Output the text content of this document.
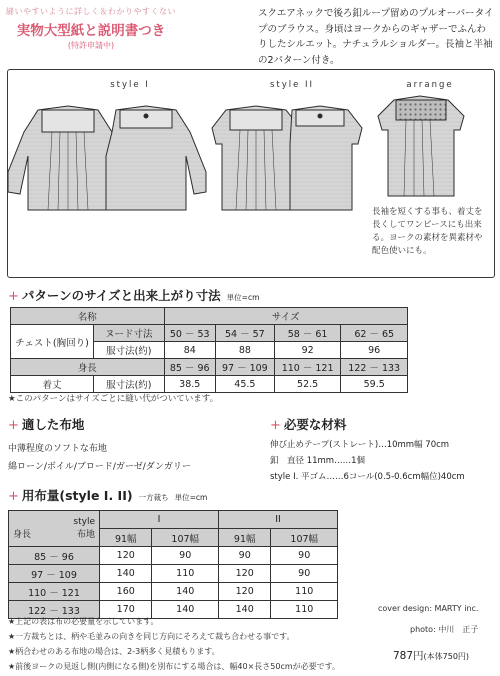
縫いやすいように詳しく＆わかりやすくない
実物大型紙と説明書つき
(特許申請中)
スクエアネックで後ろ釦ループ留めのプルオーバータイプのブラウス。身頃はヨークからのギャザーでふんわりしたシルエット。ナチュラルショルダー。長袖と半袖の2パターン付き。
style I	style II	arrange
長袖を短くする事も、着丈を長くしてワンピースにも出来る。ヨークの素材を異素材や配色使いにも。
+ パターンのサイズと出来上がり寸法 単位=cm
名称		サイズ			
チェスト(胸回り)	ヌード寸法	50 － 53	54 － 57	58 － 61	62 － 65
	服寸法(約)	84	88	92	96
身長		85 － 96	97 － 109	110 － 121	122 － 133
着丈	服寸法(約)	38.5	45.5	52.5	59.5
★このパターンはサイズごとに縫い代がついています。
+ 適した布地
中薄程度のソフトな布地
綿ローン/ボイル/ブロード/ガーゼ/ダンガリー
+ 必要な材料
伸び止めテープ(ストレート)…10mm幅 70cm
釦　直径 11mm……1個
style I. 平ゴム……6コール(0.5-0.6cm幅位)40cm
+ 用布量(style I. II) 一方裁ち 単位=cm
style
身長 布地	I		II	
	91幅	107幅	91幅	107幅
85 － 96	120	90	90	90
97 － 109	140	110	120	90
110 － 121	160	140	120	110
122 － 133	170	140	140	110	cover design: MARTY inc.
photo: 中川　正子
★上記の表は布の必要量を示しています。
★一方裁ちとは、柄や毛並みの向きを同じ方向にそろえて裁ち合わせる事です。
★柄合わせのある布地の場合は、2-3柄多く見積もります。
★前後ヨークの見返し側(内側になる側)を別布にする場合は、幅40×長さ50cmが必要です。
787円(本体750円)
